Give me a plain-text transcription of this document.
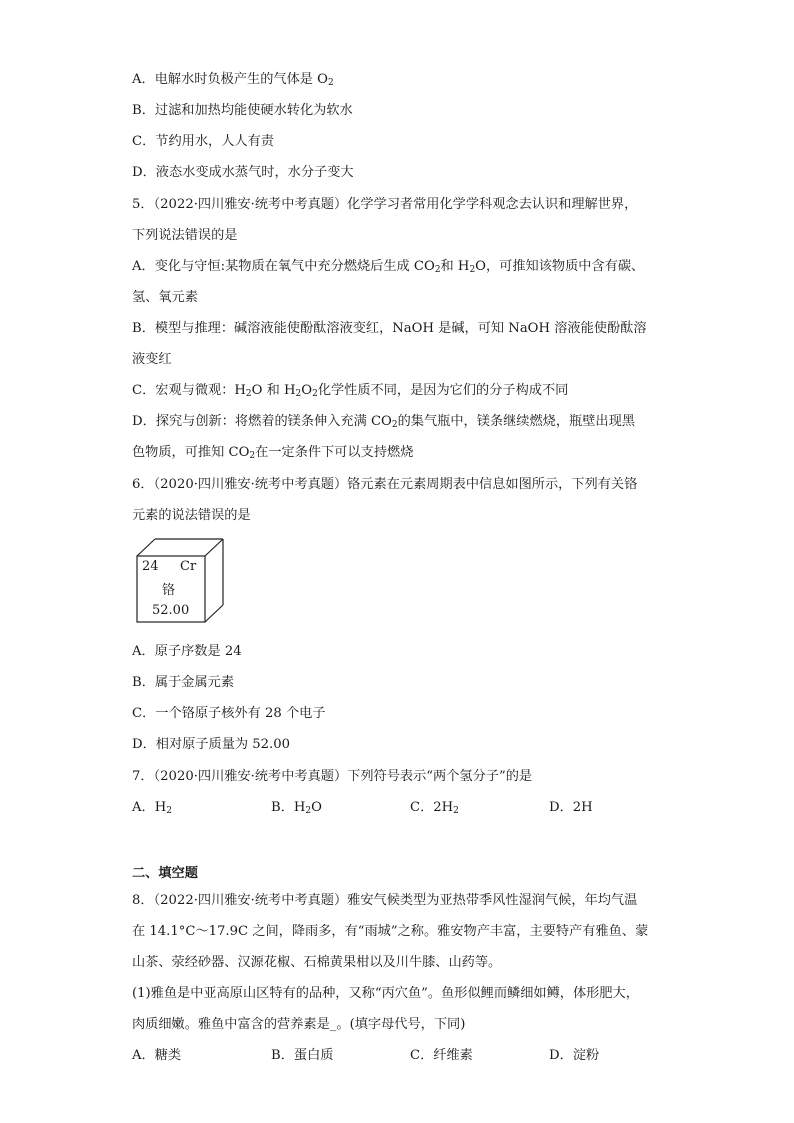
A．电解水时负极产生的气体是 $O_2$
B．过滤和加热均能使硬水转化为软水
C．节约用水，人人有责
D．液态水变成水蒸气时，水分子变大
5．（2022·四川雅安·统考中考真题）化学学习者常用化学学科观念去认识和理解世界，
下列说法错误的是
A．变化与守恒:某物质在氧气中充分燃烧后生成 $CO_2$和 $H_2O$，可推知该物质中含有碳、
氢、氧元素
B．模型与推理：碱溶液能使酚酞溶液变红，NaOH 是碱，可知 NaOH 溶液能使酚酞溶
液变红
C．宏观与微观：$H_2O$ 和 $H_2O_2$化学性质不同，是因为它们的分子构成不同
D．探究与创新：将燃着的镁条伸入充满 $CO_2$的集气瓶中，镁条继续燃烧，瓶壁出现黑
色物质，可推知 $CO_2$在一定条件下可以支持燃烧
6．（2020·四川雅安·统考中考真题）铬元素在元素周期表中信息如图所示，下列有关铬
元素的说法错误的是
24 Cr
铬
52.00
A．原子序数是 24
B．属于金属元素
C．一个铬原子核外有 28 个电子
D．相对原子质量为 52.00
7．（2020·四川雅安·统考中考真题）下列符号表示“两个氢分子”的是
A．$H_2$	B．$H_2O$	C．$2H_2$	D．2H
二、填空题
8．（2022·四川雅安·统考中考真题）雅安气候类型为亚热带季风性湿润气候，年均气温
在 14.1°C～17.9C 之间，降雨多，有“雨城”之称。雅安物产丰富，主要特产有雅鱼、蒙
山茶、荥经砂器、汉源花椒、石棉黄果柑以及川牛膝、山药等。
(1)雅鱼是中亚高原山区特有的品种，又称“丙穴鱼”。鱼形似鲤而鳞细如鳟，体形肥大，
肉质细嫩。雅鱼中富含的营养素是_。(填字母代号，下同)
A．糖类	B．蛋白质	C．纤维素	D．淀粉
